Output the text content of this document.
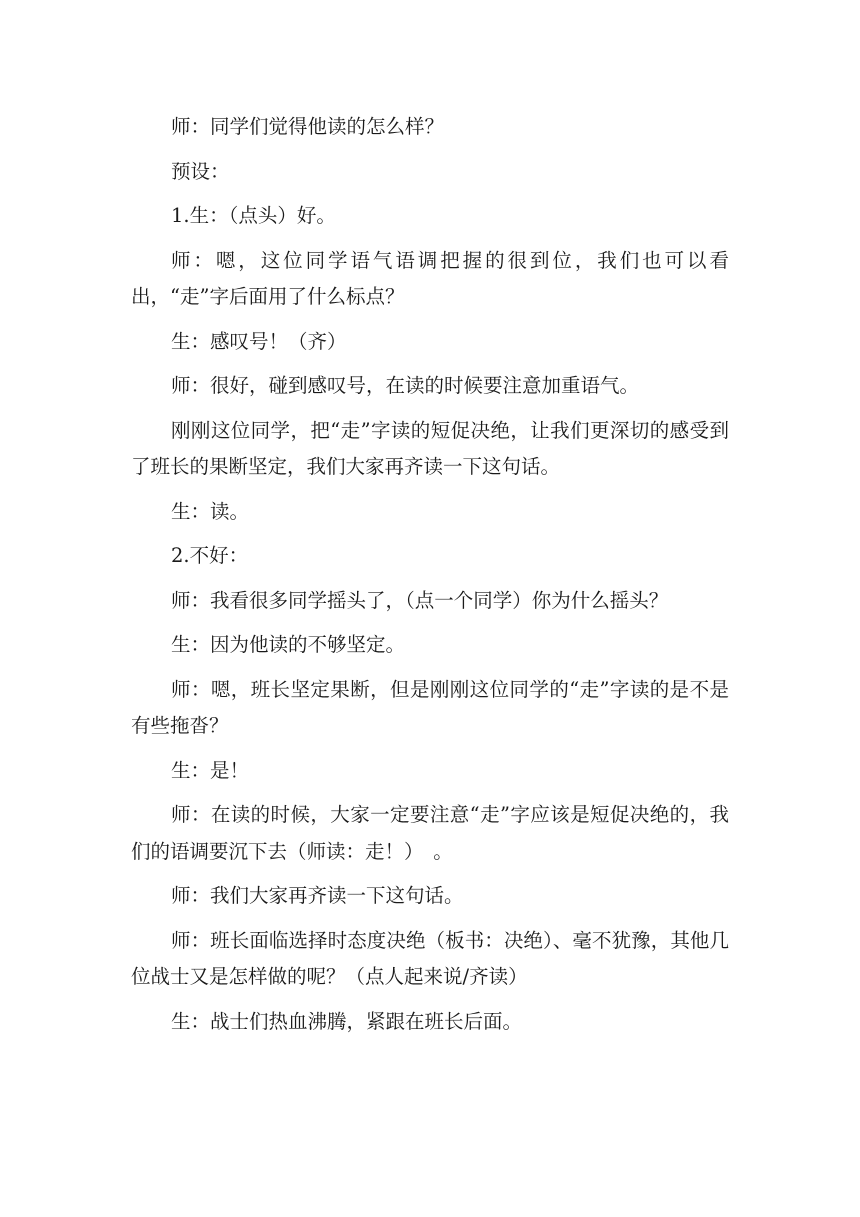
师：同学们觉得他读的怎么样？

预设：

1.生：（点头）好。

师：嗯，这位同学语气语调把握的很到位，我们也可以看出，“走”字后面用了什么标点？

生：感叹号！（齐）

师：很好，碰到感叹号，在读的时候要注意加重语气。

刚刚这位同学，把“走”字读的短促决绝，让我们更深切的感受到了班长的果断坚定，我们大家再齐读一下这句话。

生：读。

2.不好：

师：我看很多同学摇头了，（点一个同学）你为什么摇头？

生：因为他读的不够坚定。

师：嗯，班长坚定果断，但是刚刚这位同学的“走”字读的是不是有些拖沓？

生：是！

师：在读的时候，大家一定要注意“走”字应该是短促决绝的，我们的语调要沉下去（师读：走！）　。

师：我们大家再齐读一下这句话。

师：班长面临选择时态度决绝（板书：决绝）、毫不犹豫，其他几位战士又是怎样做的呢？（点人起来说/齐读）

生：战士们热血沸腾，紧跟在班长后面。
